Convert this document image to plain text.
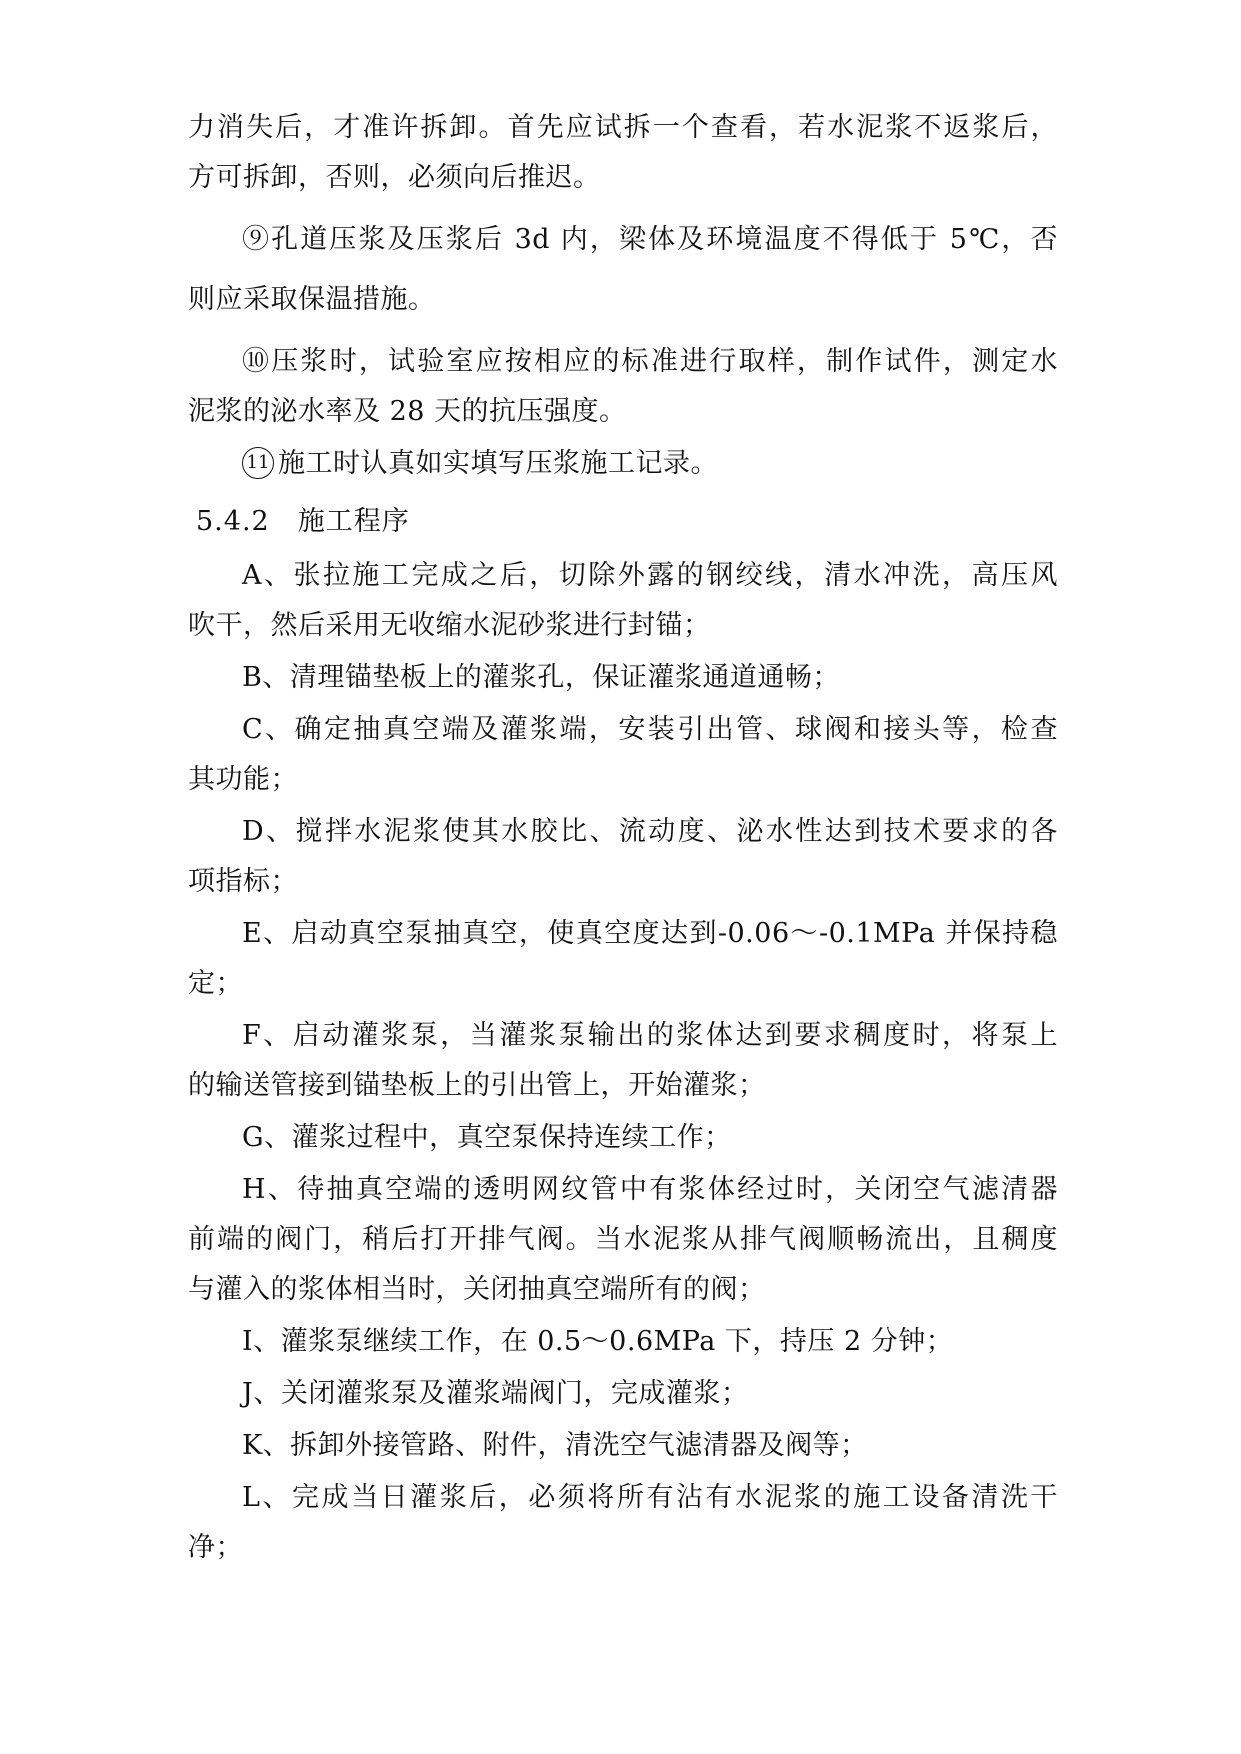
力消失后，才准许拆卸。首先应试拆一个查看，若水泥浆不返浆后，
方可拆卸，否则，必须向后推迟。
⑨孔道压浆及压浆后 3d 内，梁体及环境温度不得低于 5℃，否
则应采取保温措施。
⑩压浆时，试验室应按相应的标准进行取样，制作试件，测定水
泥浆的泌水率及 28 天的抗压强度。
11 施工时认真如实填写压浆施工记录。
5.4.2 施工程序
A、张拉施工完成之后，切除外露的钢绞线，清水冲洗，高压风
吹干，然后采用无收缩水泥砂浆进行封锚；
B、清理锚垫板上的灌浆孔，保证灌浆通道通畅；
C、确定抽真空端及灌浆端，安装引出管、球阀和接头等，检查
其功能；
D、搅拌水泥浆使其水胶比、流动度、泌水性达到技术要求的各
项指标；
E、启动真空泵抽真空，使真空度达到-0.06～-0.1MPa 并保持稳
定；
F、启动灌浆泵，当灌浆泵输出的浆体达到要求稠度时，将泵上
的输送管接到锚垫板上的引出管上，开始灌浆；
G、灌浆过程中，真空泵保持连续工作；
H、待抽真空端的透明网纹管中有浆体经过时，关闭空气滤清器
前端的阀门，稍后打开排气阀。当水泥浆从排气阀顺畅流出，且稠度
与灌入的浆体相当时，关闭抽真空端所有的阀；
I、灌浆泵继续工作，在 0.5～0.6MPa 下，持压 2 分钟；
J、关闭灌浆泵及灌浆端阀门，完成灌浆；
K、拆卸外接管路、附件，清洗空气滤清器及阀等；
L、完成当日灌浆后，必须将所有沾有水泥浆的施工设备清洗干
净；
